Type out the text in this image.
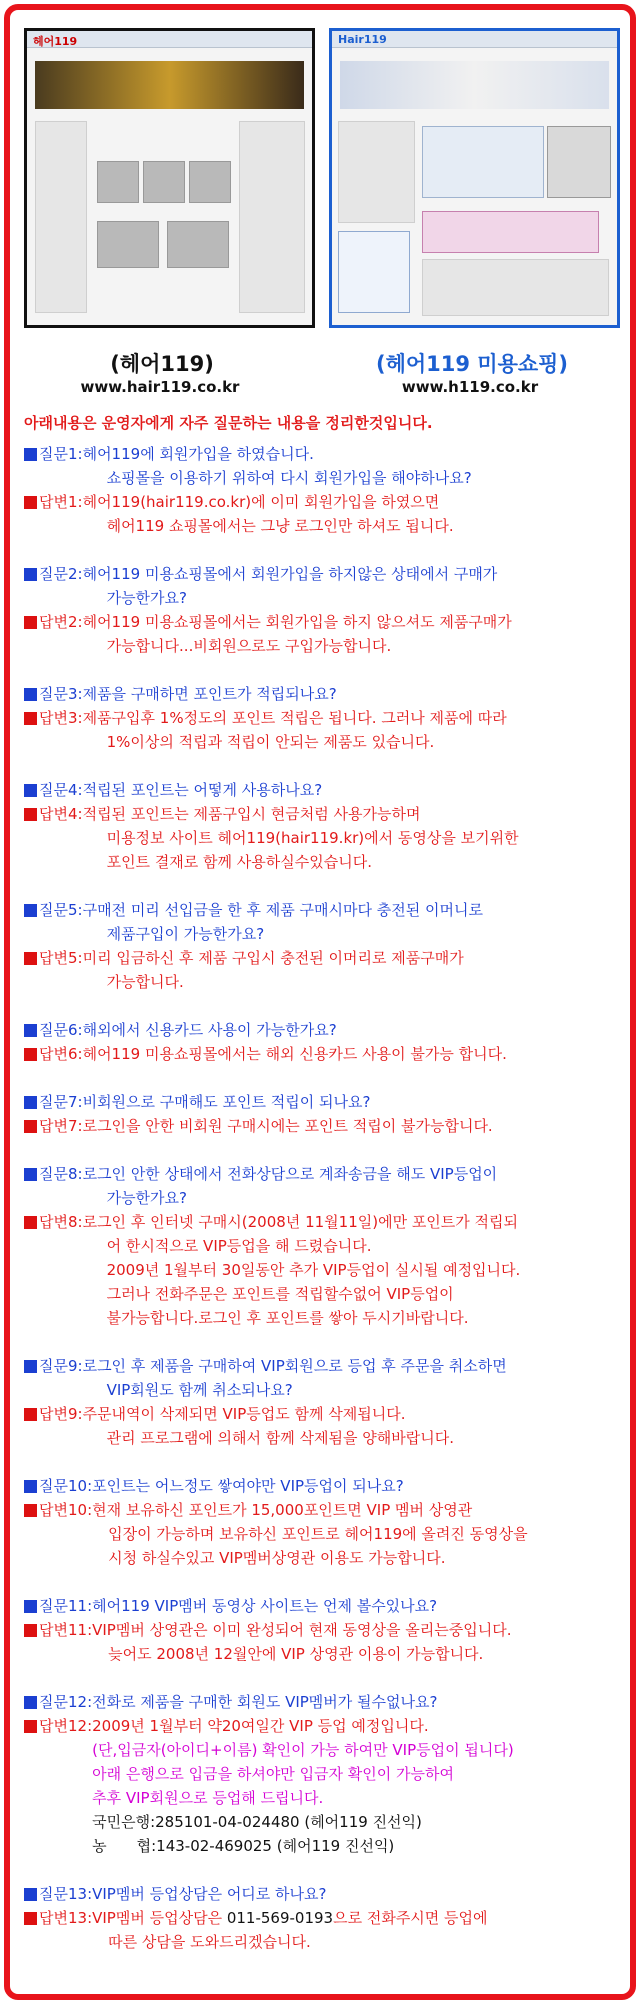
헤어119	Hair119
(헤어119)	(헤어119 미용쇼핑)
www.hair119.co.kr	www.h119.co.kr
아래내용은 운영자에게 자주 질문하는 내용을 정리한것입니다.
질문1: 헤어119에 회원가입을 하였습니다.
쇼핑몰을 이용하기 위하여 다시 회원가입을 해야하나요?
답변1: 헤어119(hair119.co.kr)에 이미 회원가입을 하였으면
헤어119 쇼핑몰에서는 그냥 로그인만 하셔도 됩니다.
질문2: 헤어119 미용쇼핑몰에서 회원가입을 하지않은 상태에서 구매가
가능한가요?
답변2: 헤어119 미용쇼핑몰에서는 회원가입을 하지 않으셔도 제품구매가
가능합니다...비회원으로도 구입가능합니다.
질문3: 제품을 구매하면 포인트가 적립되나요?
답변3: 제품구입후 1%정도의 포인트 적립은 됩니다. 그러나 제품에 따라
1%이상의 적립과 적립이 안되는 제품도 있습니다.
질문4: 적립된 포인트는 어떻게 사용하나요?
답변4: 적립된 포인트는 제품구입시 현금처럼 사용가능하며
미용정보 사이트 헤어119(hair119.kr)에서 동영상을 보기위한
포인트 결재로 함께 사용하실수있습니다.
질문5: 구매전 미리 선입금을 한 후 제품 구매시마다 충전된 이머니로
제품구입이 가능한가요?
답변5: 미리 입금하신 후 제품 구입시 충전된 이머리로 제품구매가
가능합니다.
질문6: 해외에서 신용카드 사용이 가능한가요?
답변6: 헤어119 미용쇼핑몰에서는 해외 신용카드 사용이 불가능 합니다.
질문7: 비회원으로 구매해도 포인트 적립이 되나요?
답변7: 로그인을 안한 비회원 구매시에는 포인트 적립이 불가능합니다.
질문8: 로그인 안한 상태에서 전화상담으로 계좌송금을 해도 VIP등업이
가능한가요?
답변8: 로그인 후 인터넷 구매시(2008년 11월11일)에만 포인트가 적립되
어 한시적으로 VIP등업을 해 드렸습니다.
2009년 1월부터 30일동안 추가 VIP등업이 실시될 예정입니다.
그러나 전화주문은 포인트를 적립할수없어 VIP등업이
불가능합니다.로그인 후 포인트를 쌓아 두시기바랍니다.
질문9: 로그인 후 제품을 구매하여 VIP회원으로 등업 후 주문을 취소하면
VIP회원도 함께 취소되나요?
답변9: 주문내역이 삭제되면 VIP등업도 함께 삭제됩니다.
관리 프로그램에 의해서 함께 삭제됨을 양해바랍니다.
질문10: 포인트는 어느정도 쌓여야만 VIP등업이 되나요?
답변10: 현재 보유하신 포인트가 15,000포인트면 VIP 멤버 상영관
입장이 가능하며 보유하신 포인트로 헤어119에 올려진 동영상을
시청 하실수있고 VIP멤버상영관 이용도 가능합니다.
질문11: 헤어119 VIP멤버 동영상 사이트는 언제 볼수있나요?
답변11: VIP멤버 상영관은 이미 완성되어 현재 동영상을 올리는중입니다.
늦어도 2008년 12월안에 VIP 상영관 이용이 가능합니다.
질문12: 전화로 제품을 구매한 회원도 VIP멤버가 될수없나요?
답변12: 2009년 1월부터 약20여일간 VIP 등업 예정입니다.
(단,입금자(아이디+이름) 확인이 가능 하여만 VIP등업이 됩니다)
아래 은행으로 입금을 하셔야만 입금자 확인이 가능하여
추후 VIP회원으로 등업해 드립니다.
국민은행:285101-04-024480 (헤어119 진선익)
농　　협:143-02-469025 (헤어119 진선익)
질문13: VIP멤버 등업상담은 어디로 하나요?
답변13: VIP멤버 등업상담은 011-569-0193으로 전화주시면 등업에
따른 상담을 도와드리겠습니다.
